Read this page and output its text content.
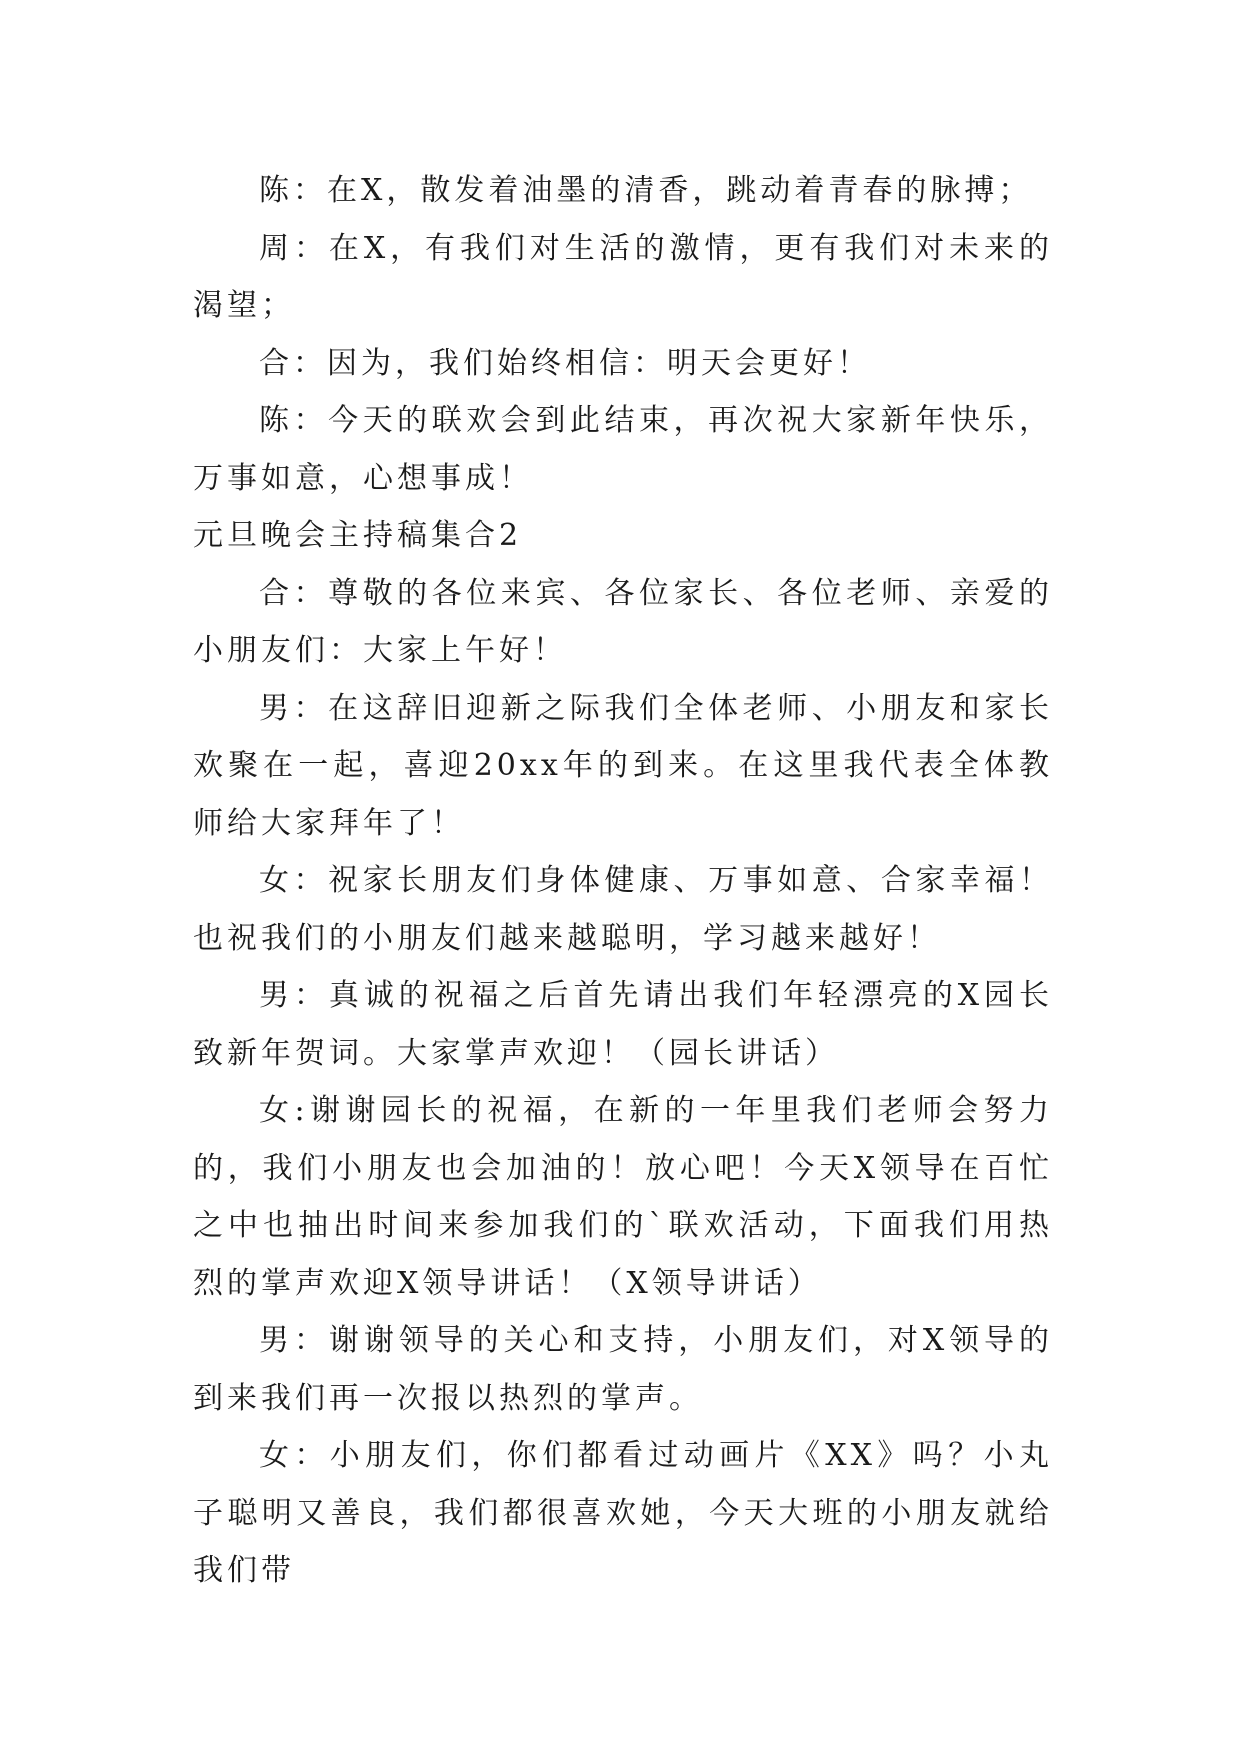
陈：在X，散发着油墨的清香，跳动着青春的脉搏；

周：在X，有我们对生活的激情，更有我们对未来的渴望；

合：因为，我们始终相信：明天会更好！

陈：今天的联欢会到此结束，再次祝大家新年快乐，万事如意，心想事成！

元旦晚会主持稿集合2

合：尊敬的各位来宾、各位家长、各位老师、亲爱的小朋友们：大家上午好！

男：在这辞旧迎新之际我们全体老师、小朋友和家长欢聚在一起，喜迎20xx年的到来。在这里我代表全体教师给大家拜年了！

女：祝家长朋友们身体健康、万事如意、合家幸福！也祝我们的小朋友们越来越聪明，学习越来越好！

男：真诚的祝福之后首先请出我们年轻漂亮的X园长致新年贺词。大家掌声欢迎！（园长讲话）

女:谢谢园长的祝福，在新的一年里我们老师会努力的，我们小朋友也会加油的！放心吧！今天X领导在百忙之中也抽出时间来参加我们的`联欢活动，下面我们用热烈的掌声欢迎X领导讲话！（X领导讲话）

男：谢谢领导的关心和支持，小朋友们，对X领导的到来我们再一次报以热烈的掌声。

女：小朋友们，你们都看过动画片《XX》吗？小丸子聪明又善良，我们都很喜欢她，今天大班的小朋友就给我们带
